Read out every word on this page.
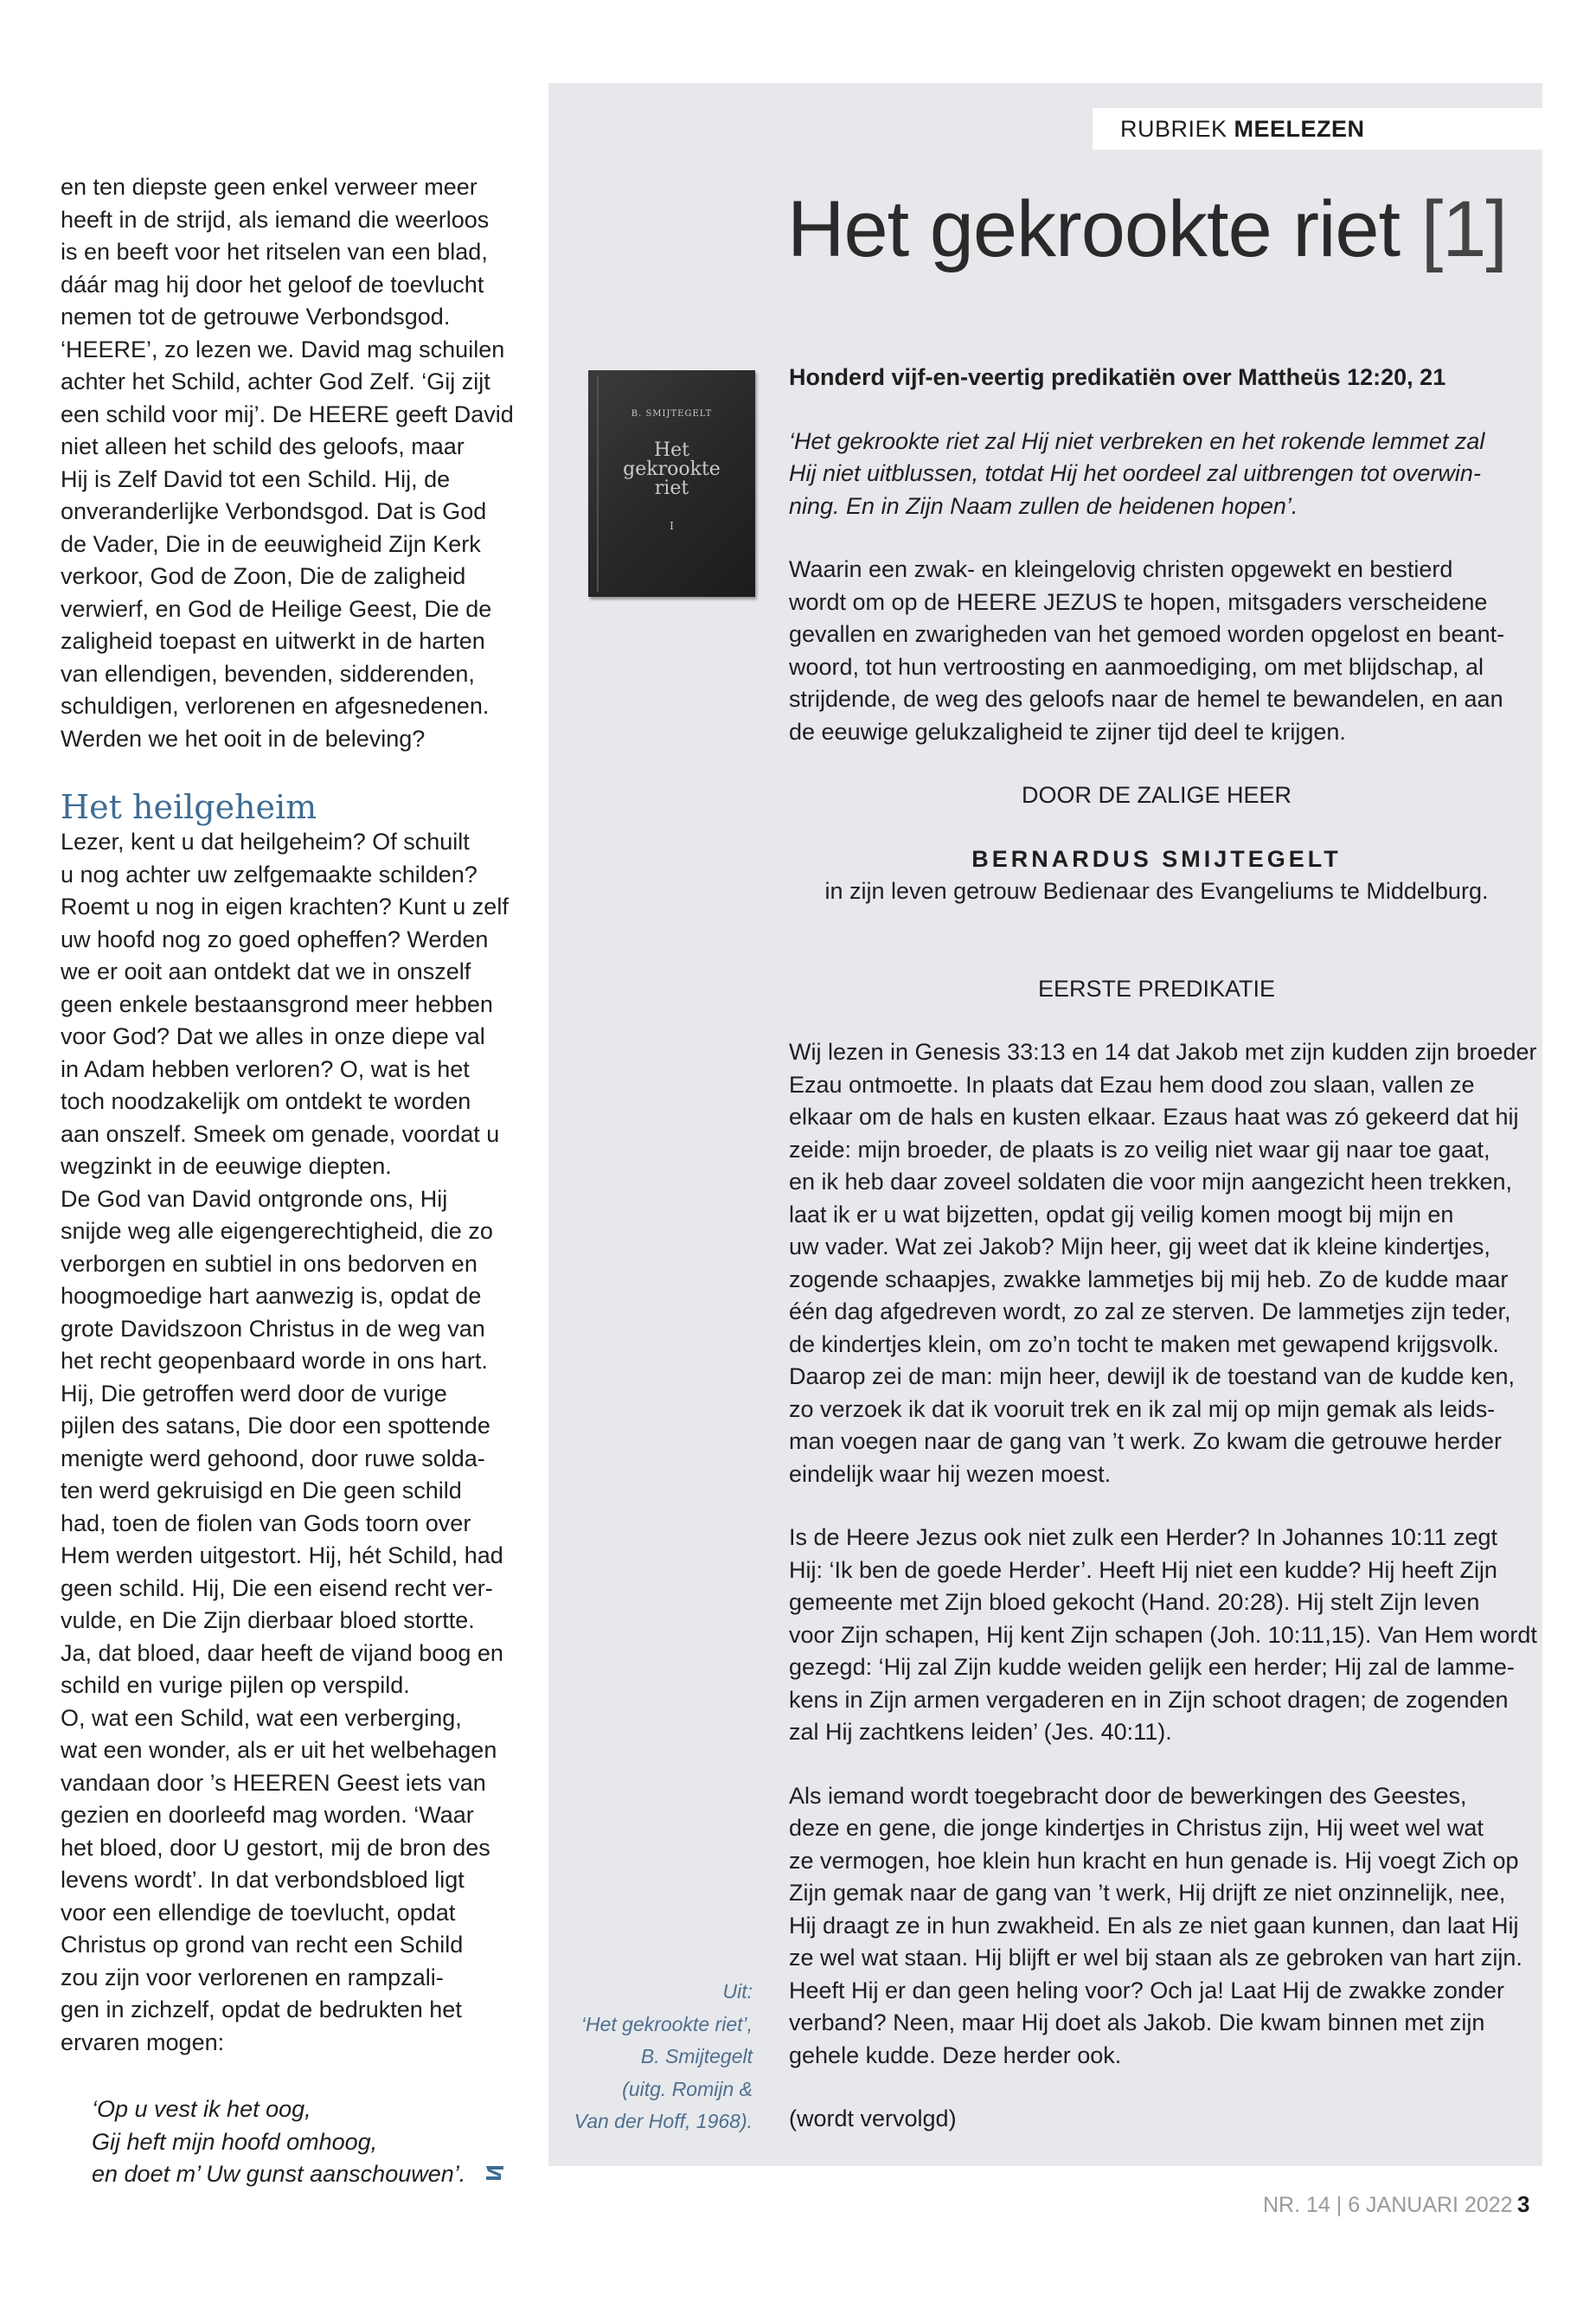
en ten diepste geen enkel verweer meer
heeft in de strijd, als iemand die weerloos
is en beeft voor het ritselen van een blad,
dáár mag hij door het geloof de toevlucht
nemen tot de getrouwe Verbondsgod.
‘HEERE’, zo lezen we. David mag schuilen
achter het Schild, achter God Zelf. ‘Gij zijt
een schild voor mij’. De HEERE geeft David
niet alleen het schild des geloofs, maar
Hij is Zelf David tot een Schild. Hij, de
onveranderlijke Verbondsgod. Dat is God
de Vader, Die in de eeuwigheid Zijn Kerk
verkoor, God de Zoon, Die de zaligheid
verwierf, en God de Heilige Geest, Die de
zaligheid toepast en uitwerkt in de harten
van ellendigen, bevenden, sidderenden,
schuldigen, verlorenen en afgesnedenen.
Werden we het ooit in de beleving?

Het heilgeheim

Lezer, kent u dat heilgeheim? Of schuilt
u nog achter uw zelfgemaakte schilden?
Roemt u nog in eigen krachten? Kunt u zelf
uw hoofd nog zo goed opheffen? Werden
we er ooit aan ontdekt dat we in onszelf
geen enkele bestaansgrond meer hebben
voor God? Dat we alles in onze diepe val
in Adam hebben verloren? O, wat is het
toch noodzakelijk om ontdekt te worden
aan onszelf. Smeek om genade, voordat u
wegzinkt in de eeuwige diepten.
De God van David ontgronde ons, Hij
snijde weg alle eigengerechtigheid, die zo
verborgen en subtiel in ons bedorven en
hoogmoedige hart aanwezig is, opdat de
grote Davidszoon Christus in de weg van
het recht geopenbaard worde in ons hart.
Hij, Die getroffen werd door de vurige
pijlen des satans, Die door een spottende
menigte werd gehoond, door ruwe solda-
ten werd gekruisigd en Die geen schild
had, toen de fiolen van Gods toorn over
Hem werden uitgestort. Hij, hét Schild, had
geen schild. Hij, Die een eisend recht ver-
vulde, en Die Zijn dierbaar bloed stortte.
Ja, dat bloed, daar heeft de vijand boog en
schild en vurige pijlen op verspild.
O, wat een Schild, wat een verberging,
wat een wonder, als er uit het welbehagen
vandaan door ’s HEEREN Geest iets van
gezien en doorleefd mag worden. ‘Waar
het bloed, door U gestort, mij de bron des
levens wordt’. In dat verbondsbloed ligt
voor een ellendige de toevlucht, opdat
Christus op grond van recht een Schild
zou zijn voor verlorenen en rampzali-
gen in zichzelf, opdat de bedrukten het
ervaren mogen:

‘Op u vest ik het oog,
Gij heft mijn hoofd omhoog,
en doet m’ Uw gunst aanschouwen’.
RUBRIEK MEELEZEN
Het gekrookte riet [1]
B. SMIJTEGELT
Het
gekrookte
riet
I
Uit:
‘Het gekrookte riet’,
B. Smijtegelt
(uitg. Romijn &
Van der Hoff, 1968).

Honderd vijf-en-veertig predikatiën over Mattheüs 12:20, 21

‘Het gekrookte riet zal Hij niet verbreken en het rokende lemmet zal
Hij niet uitblussen, totdat Hij het oordeel zal uitbrengen tot overwin-
ning. En in Zijn Naam zullen de heidenen hopen’.

Waarin een zwak- en kleingelovig christen opgewekt en bestierd
wordt om op de HEERE JEZUS te hopen, mitsgaders verscheidene
gevallen en zwarigheden van het gemoed worden opgelost en beant-
woord, tot hun vertroosting en aanmoediging, om met blijdschap, al
strijdende, de weg des geloofs naar de hemel te bewandelen, en aan
de eeuwige gelukzaligheid te zijner tijd deel te krijgen.

DOOR DE ZALIGE HEER

BERNARDUS SMIJTEGELT

in zijn leven getrouw Bedienaar des Evangeliums te Middelburg.

EERSTE PREDIKATIE

Wij lezen in Genesis 33:13 en 14 dat Jakob met zijn kudden zijn broeder
Ezau ontmoette. In plaats dat Ezau hem dood zou slaan, vallen ze
elkaar om de hals en kusten elkaar. Ezaus haat was zó gekeerd dat hij
zeide: mijn broeder, de plaats is zo veilig niet waar gij naar toe gaat,
en ik heb daar zoveel soldaten die voor mijn aangezicht heen trekken,
laat ik er u wat bijzetten, opdat gij veilig komen moogt bij mijn en
uw vader. Wat zei Jakob? Mijn heer, gij weet dat ik kleine kindertjes,
zogende schaapjes, zwakke lammetjes bij mij heb. Zo de kudde maar
één dag afgedreven wordt, zo zal ze sterven. De lammetjes zijn teder,
de kindertjes klein, om zo’n tocht te maken met gewapend krijgsvolk.
Daarop zei de man: mijn heer, dewijl ik de toestand van de kudde ken,
zo verzoek ik dat ik vooruit trek en ik zal mij op mijn gemak als leids-
man voegen naar de gang van ’t werk. Zo kwam die getrouwe herder
eindelijk waar hij wezen moest.

Is de Heere Jezus ook niet zulk een Herder? In Johannes 10:11 zegt
Hij: ‘Ik ben de goede Herder’. Heeft Hij niet een kudde? Hij heeft Zijn
gemeente met Zijn bloed gekocht (Hand. 20:28). Hij stelt Zijn leven
voor Zijn schapen, Hij kent Zijn schapen (Joh. 10:11,15). Van Hem wordt
gezegd: ‘Hij zal Zijn kudde weiden gelijk een herder; Hij zal de lamme-
kens in Zijn armen vergaderen en in Zijn schoot dragen; de zogenden
zal Hij zachtkens leiden’ (Jes. 40:11).

Als iemand wordt toegebracht door de bewerkingen des Geestes,
deze en gene, die jonge kindertjes in Christus zijn, Hij weet wel wat
ze vermogen, hoe klein hun kracht en hun genade is. Hij voegt Zich op
Zijn gemak naar de gang van ’t werk, Hij drijft ze niet onzinnelijk, nee,
Hij draagt ze in hun zwakheid. En als ze niet gaan kunnen, dan laat Hij
ze wel wat staan. Hij blijft er wel bij staan als ze gebroken van hart zijn.
Heeft Hij er dan geen heling voor? Och ja! Laat Hij de zwakke zonder
verband? Neen, maar Hij doet als Jakob. Die kwam binnen met zijn
gehele kudde. Deze herder ook.

(wordt vervolgd)

NR. 14 | 6 JANUARI 2022 3
